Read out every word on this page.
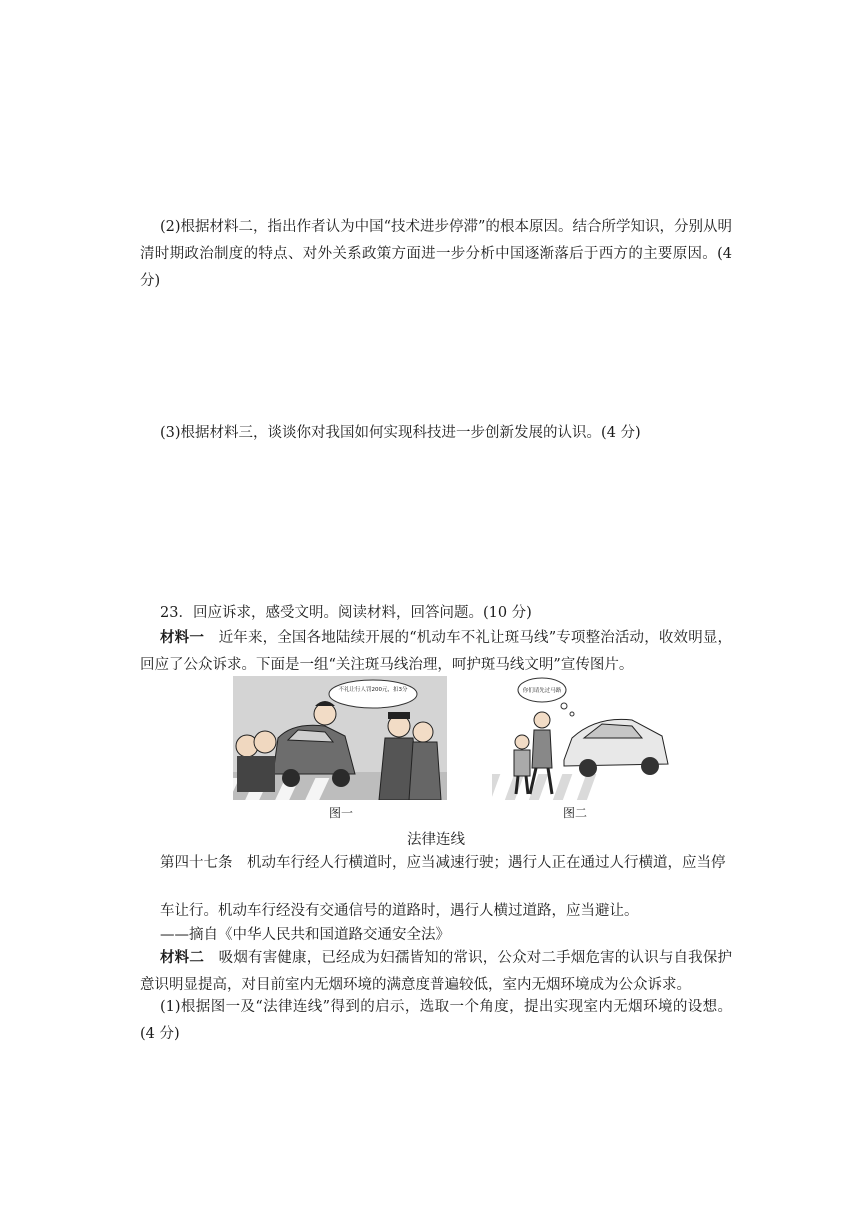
(2)根据材料二，指出作者认为中国“技术进步停滞”的根本原因。结合所学知识，分别从明清时期政治制度的特点、对外关系政策方面进一步分析中国逐渐落后于西方的主要原因。(4 分)

(3)根据材料三，谈谈你对我国如何实现科技进一步创新发展的认识。(4 分)

23．回应诉求，感受文明。阅读材料，回答问题。(10 分)

材料一　近年来，全国各地陆续开展的“机动车不礼让斑马线”专项整治活动，收效明显，回应了公众诉求。下面是一组“关注斑马线治理，呵护斑马线文明”宣传图片。

不礼让行人罚200元，扣3分
图一
你们请先过马路
图二
法律连线

第四十七条　机动车行经人行横道时，应当减速行驶；遇行人正在通过人行横道，应当停

车让行。机动车行经没有交通信号的道路时，遇行人横过道路，应当避让。

——摘自《中华人民共和国道路交通安全法》

材料二　吸烟有害健康，已经成为妇孺皆知的常识，公众对二手烟危害的认识与自我保护意识明显提高，对目前室内无烟环境的满意度普遍较低，室内无烟环境成为公众诉求。

(1)根据图一及“法律连线”得到的启示，选取一个角度，提出实现室内无烟环境的设想。(4 分)
